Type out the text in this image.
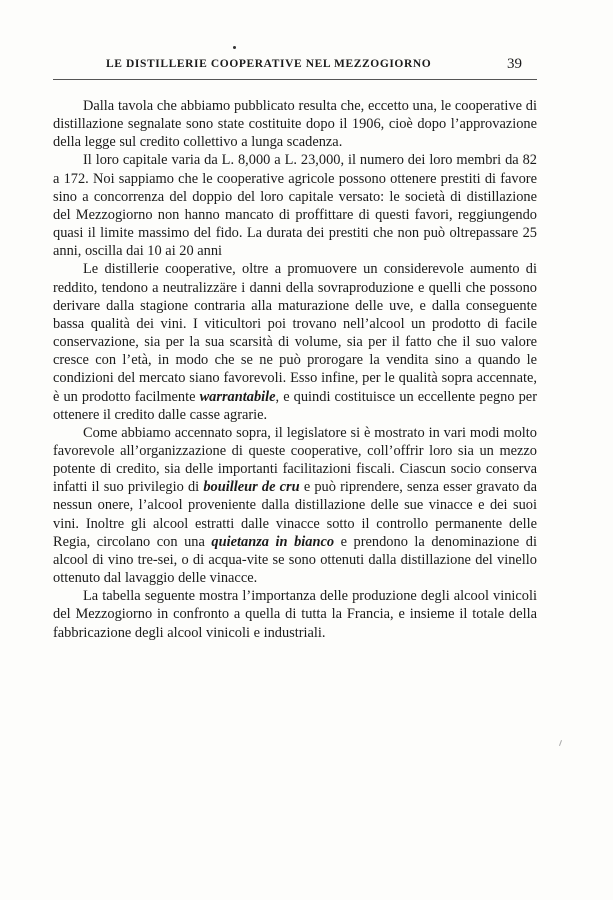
LE DISTILLERIE COOPERATIVE NEL MEZZOGIORNO	39

Dalla tavola che abbiamo pubblicato resulta che, eccetto una, le cooperative di distillazione segnalate sono state costituite dopo il 1906, cioè dopo l’approvazione della legge sul credito collettivo a lunga scadenza.

Il loro capitale varia da L. 8,000 a L. 23,000, il numero dei loro membri da 82 a 172. Noi sappiamo che le cooperative agricole possono ottenere prestiti di favore sino a concorrenza del doppio del loro capitale versato: le società di distillazione del Mezzogiorno non hanno mancato di proffittare di questi favori, reggiungendo quasi il limite massimo del fido. La durata dei prestiti che non può oltrepassare 25 anni, oscilla dai 10 ai 20 anni

Le distillerie cooperative, oltre a promuovere un considerevole aumento di reddito, tendono a neutralizzäre i danni della sovraproduzione e quelli che possono derivare dalla stagione contraria alla maturazione delle uve, e dalla conseguente bassa qualità dei vini. I viticultori poi trovano nell’alcool un prodotto di facile conservazione, sia per la sua scarsità di volume, sia per il fatto che il suo valore cresce con l’età, in modo che se ne può prorogare la vendita sino a quando le condizioni del mercato siano favorevoli. Esso infine, per le qualità sopra accennate, è un prodotto facilmente warrantabile, e quindi costituisce un eccellente pegno per ottenere il credito dalle casse agrarie.

Come abbiamo accennato sopra, il legislatore si è mostrato in vari modi molto favorevole all’organizzazione di queste cooperative, coll’offrir loro sia un mezzo potente di credito, sia delle importanti facilitazioni fiscali. Ciascun socio conserva infatti il suo privilegio di bouilleur de cru e può riprendere, senza esser gravato da nessun onere, l’alcool proveniente dalla distillazione delle sue vinacce e dei suoi vini. Inoltre gli alcool estratti dalle vinacce sotto il controllo permanente delle Regia, circolano con una quietanza in bianco e prendono la denominazione di alcool di vino tre-sei, o di acqua-vite se sono ottenuti dalla distillazione del vinello ottenuto dal lavaggio delle vinacce.

La tabella seguente mostra l’importanza delle produzione degli alcool vinicoli del Mezzogiorno in confronto a quella di tutta la Francia, e insieme il totale della fabbricazione degli alcool vinicoli e industriali.
